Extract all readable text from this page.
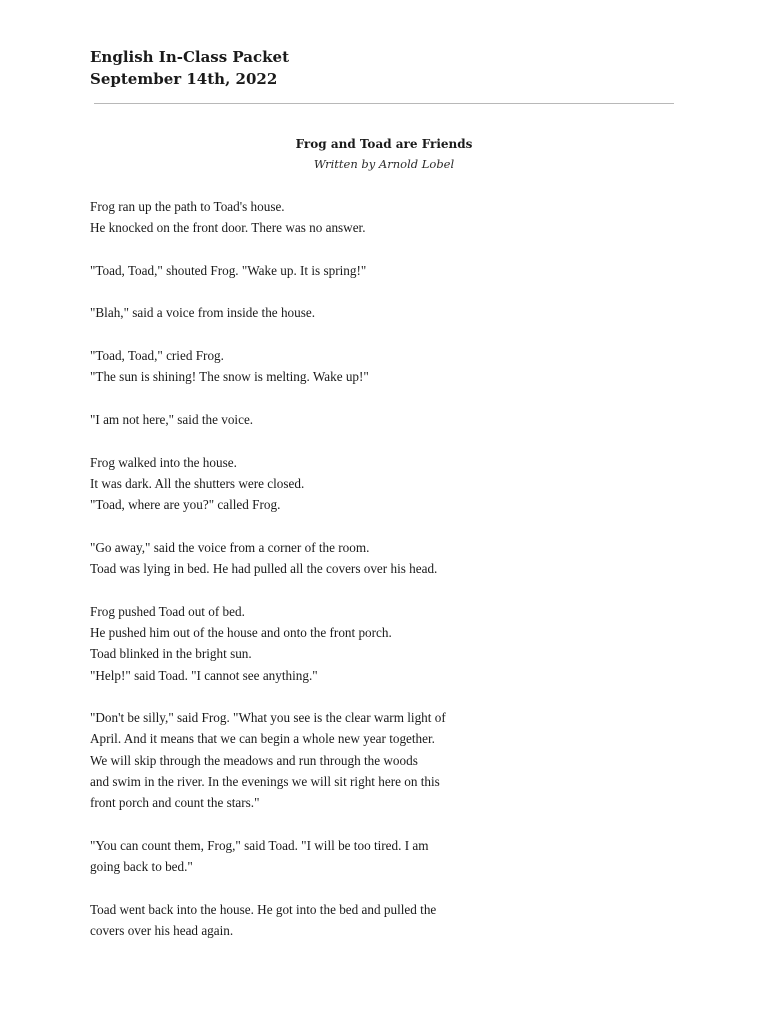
English In-Class Packet
September 14th, 2022
Frog and Toad are Friends
Written by Arnold Lobel
Frog ran up the path to Toad's house.
He knocked on the front door. There was no answer.
"Toad, Toad," shouted Frog. "Wake up. It is spring!"
"Blah," said a voice from inside the house.
"Toad, Toad," cried Frog.
"The sun is shining! The snow is melting. Wake up!"
"I am not here," said the voice.
Frog walked into the house.
It was dark. All the shutters were closed.
"Toad, where are you?" called Frog.
"Go away," said the voice from a corner of the room.
Toad was lying in bed. He had pulled all the covers over his head.
Frog pushed Toad out of bed.
He pushed him out of the house and onto the front porch.
Toad blinked in the bright sun.
"Help!" said Toad. "I cannot see anything."
"Don't be silly," said Frog. "What you see is the clear warm light of
April. And it means that we can begin a whole new year together.
We will skip through the meadows and run through the woods
and swim in the river. In the evenings we will sit right here on this
front porch and count the stars."
"You can count them, Frog," said Toad. "I will be too tired. I am
going back to bed."
Toad went back into the house. He got into the bed and pulled the
covers over his head again.
